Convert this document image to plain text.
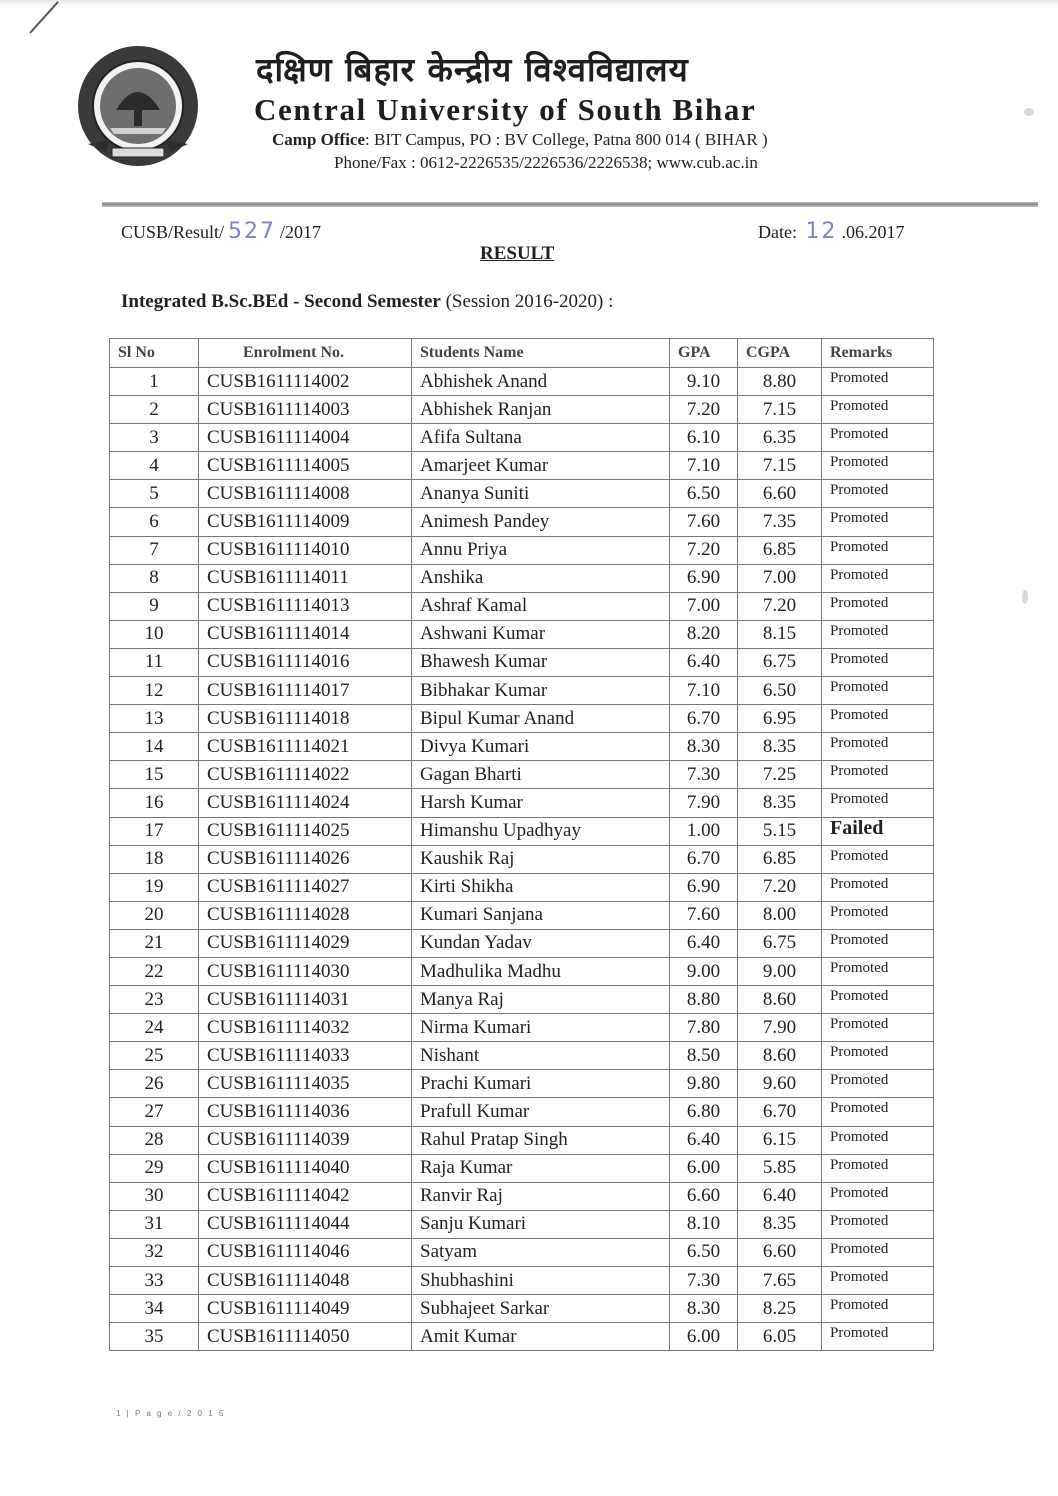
दक्षिण बिहार केन्द्रीय विश्वविद्यालय
Central University of South Bihar
Camp Office: BIT Campus, PO : BV College, Patna 800 014 ( BIHAR )
Phone/Fax : 0612-2226535/2226536/2226538; www.cub.ac.in
CUSB/Result/ 527 /2017	Date: 12 .06.2017
RESULT
Integrated B.Sc.BEd - Second Semester (Session 2016-2020) :
Sl No	Enrolment No.	Students Name	GPA	CGPA	Remarks
1	CUSB1611114002	Abhishek Anand	9.10	8.80	Promoted
2	CUSB1611114003	Abhishek Ranjan	7.20	7.15	Promoted
3	CUSB1611114004	Afifa Sultana	6.10	6.35	Promoted
4	CUSB1611114005	Amarjeet Kumar	7.10	7.15	Promoted
5	CUSB1611114008	Ananya Suniti	6.50	6.60	Promoted
6	CUSB1611114009	Animesh Pandey	7.60	7.35	Promoted
7	CUSB1611114010	Annu Priya	7.20	6.85	Promoted
8	CUSB1611114011	Anshika	6.90	7.00	Promoted
9	CUSB1611114013	Ashraf Kamal	7.00	7.20	Promoted
10	CUSB1611114014	Ashwani Kumar	8.20	8.15	Promoted
11	CUSB1611114016	Bhawesh Kumar	6.40	6.75	Promoted
12	CUSB1611114017	Bibhakar Kumar	7.10	6.50	Promoted
13	CUSB1611114018	Bipul Kumar Anand	6.70	6.95	Promoted
14	CUSB1611114021	Divya Kumari	8.30	8.35	Promoted
15	CUSB1611114022	Gagan Bharti	7.30	7.25	Promoted
16	CUSB1611114024	Harsh Kumar	7.90	8.35	Promoted
17	CUSB1611114025	Himanshu Upadhyay	1.00	5.15	Failed
18	CUSB1611114026	Kaushik Raj	6.70	6.85	Promoted
19	CUSB1611114027	Kirti Shikha	6.90	7.20	Promoted
20	CUSB1611114028	Kumari Sanjana	7.60	8.00	Promoted
21	CUSB1611114029	Kundan Yadav	6.40	6.75	Promoted
22	CUSB1611114030	Madhulika Madhu	9.00	9.00	Promoted
23	CUSB1611114031	Manya Raj	8.80	8.60	Promoted
24	CUSB1611114032	Nirma Kumari	7.80	7.90	Promoted
25	CUSB1611114033	Nishant	8.50	8.60	Promoted
26	CUSB1611114035	Prachi Kumari	9.80	9.60	Promoted
27	CUSB1611114036	Prafull Kumar	6.80	6.70	Promoted
28	CUSB1611114039	Rahul Pratap Singh	6.40	6.15	Promoted
29	CUSB1611114040	Raja Kumar	6.00	5.85	Promoted
30	CUSB1611114042	Ranvir Raj	6.60	6.40	Promoted
31	CUSB1611114044	Sanju Kumari	8.10	8.35	Promoted
32	CUSB1611114046	Satyam	6.50	6.60	Promoted
33	CUSB1611114048	Shubhashini	7.30	7.65	Promoted
34	CUSB1611114049	Subhajeet Sarkar	8.30	8.25	Promoted
35	CUSB1611114050	Amit Kumar	6.00	6.05	Promoted
1 | P a g e / 2 0 1 5
